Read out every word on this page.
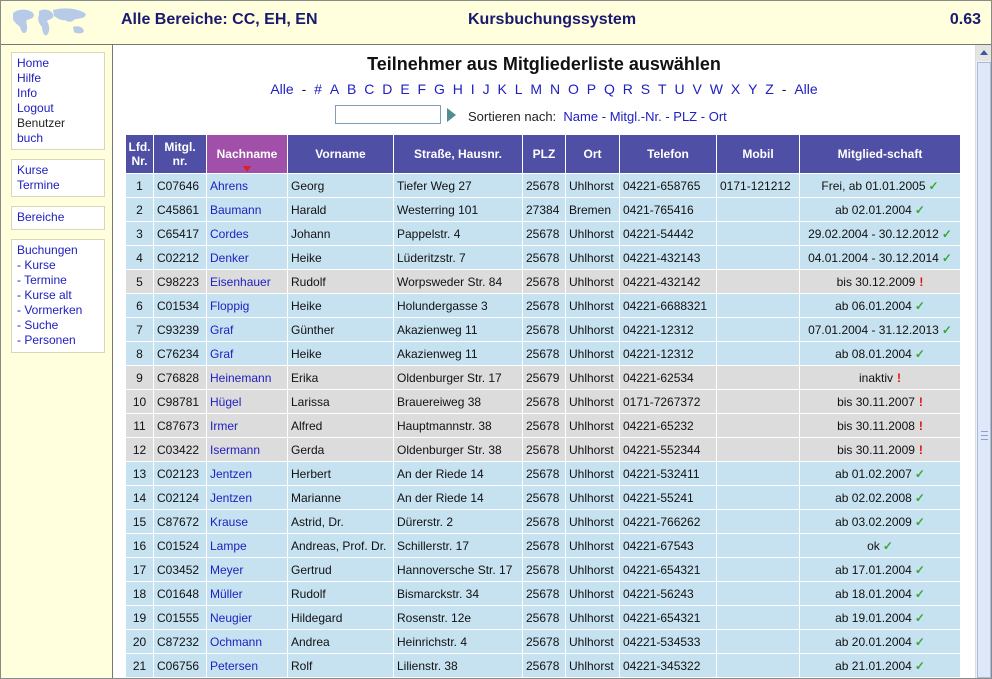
Alle Bereiche: CC, EH, EN	Kursbuchungssystem	0.63
Home
Hilfe
Info
Logout
Benutzer
buch
Kurse
Termine
Bereiche
Buchungen
- Kurse
- Termine
- Kurse alt
- Vormerken
- Suche
- Personen
Teilnehmer aus Mitgliederliste auswählen
Alle - # A B C D E F G H I J K L M N O P Q R S T U V W X Y Z - Alle
Sortieren nach: Name - Mitgl.-Nr. - PLZ - Ort
Lfd. Nr.	Mitgl. nr.	Nachname	Vorname	Straße, Hausnr.	PLZ	Ort	Telefon	Mobil	Mitglied-schaft
1	C07646	Ahrens	Georg	Tiefer Weg 27	25678	Uhlhorst	04221-658765	0171-121212	Frei, ab 01.01.2005 ✓
2	C45861	Baumann	Harald	Westerring 101	27384	Bremen	0421-765416		ab 02.01.2004 ✓
3	C65417	Cordes	Johann	Pappelstr. 4	25678	Uhlhorst	04221-54442		29.02.2004 - 30.12.2012 ✓
4	C02212	Denker	Heike	Lüderitzstr. 7	25678	Uhlhorst	04221-432143		04.01.2004 - 30.12.2014 ✓
5	C98223	Eisenhauer	Rudolf	Worpsweder Str. 84	25678	Uhlhorst	04221-432142		bis 30.12.2009 !
6	C01534	Floppig	Heike	Holundergasse 3	25678	Uhlhorst	04221-6688321		ab 06.01.2004 ✓
7	C93239	Graf	Günther	Akazienweg 11	25678	Uhlhorst	04221-12312		07.01.2004 - 31.12.2013 ✓
8	C76234	Graf	Heike	Akazienweg 11	25678	Uhlhorst	04221-12312		ab 08.01.2004 ✓
9	C76828	Heinemann	Erika	Oldenburger Str. 17	25679	Uhlhorst	04221-62534		inaktiv !
10	C98781	Hügel	Larissa	Brauereiweg 38	25678	Uhlhorst	0171-7267372		bis 30.11.2007 !
11	C87673	Irmer	Alfred	Hauptmannstr. 38	25678	Uhlhorst	04221-65232		bis 30.11.2008 !
12	C03422	Isermann	Gerda	Oldenburger Str. 38	25678	Uhlhorst	04221-552344		bis 30.11.2009 !
13	C02123	Jentzen	Herbert	An der Riede 14	25678	Uhlhorst	04221-532411		ab 01.02.2007 ✓
14	C02124	Jentzen	Marianne	An der Riede 14	25678	Uhlhorst	04221-55241		ab 02.02.2008 ✓
15	C87672	Krause	Astrid, Dr.	Dürerstr. 2	25678	Uhlhorst	04221-766262		ab 03.02.2009 ✓
16	C01524	Lampe	Andreas, Prof. Dr.	Schillerstr. 17	25678	Uhlhorst	04221-67543		ok ✓
17	C03452	Meyer	Gertrud	Hannoversche Str. 17	25678	Uhlhorst	04221-654321		ab 17.01.2004 ✓
18	C01648	Müller	Rudolf	Bismarckstr. 34	25678	Uhlhorst	04221-56243		ab 18.01.2004 ✓
19	C01555	Neugier	Hildegard	Rosenstr. 12e	25678	Uhlhorst	04221-654321		ab 19.01.2004 ✓
20	C87232	Ochmann	Andrea	Heinrichstr. 4	25678	Uhlhorst	04221-534533		ab 20.01.2004 ✓
21	C06756	Petersen	Rolf	Lilienstr. 38	25678	Uhlhorst	04221-345322		ab 21.01.2004 ✓
